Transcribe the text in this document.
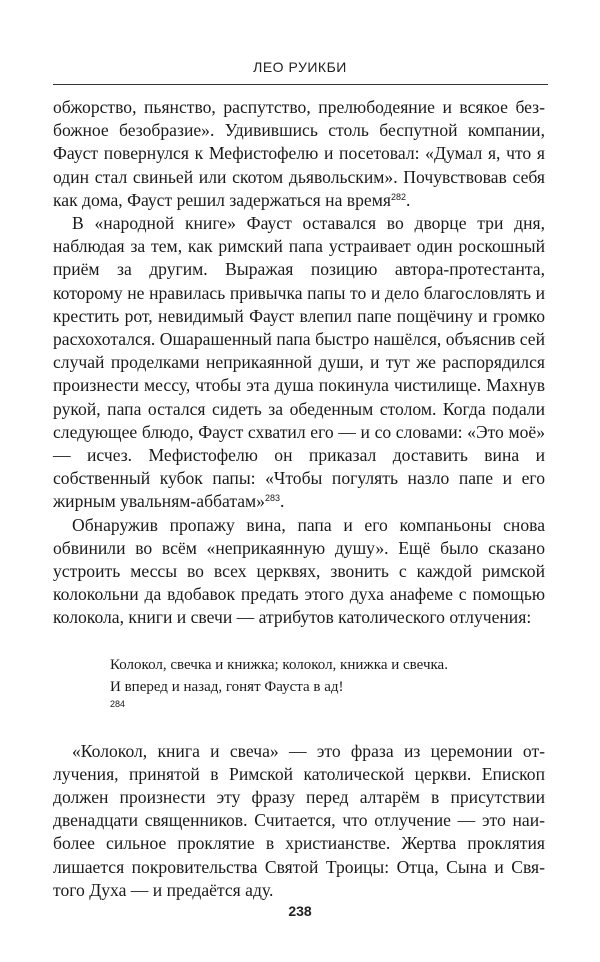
ЛЕО РУИКБИ

обжорство, пьянство, распутство, прелюбодеяние и всякое безбожное безобразие». Удивившись столь беспутной компании, Фауст повернулся к Мефистофелю и посетовал: «Думал я, что я один стал свиньей или скотом дьявольским». Почувствовав себя как дома, Фауст решил задержаться на время$^{282}$.

В «народной книге» Фауст оставался во дворце три дня, наблюдая за тем, как римский папа устраивает один роскошный приём за другим. Выражая позицию автора-протестанта, которому не нравилась привычка папы то и дело благословлять и крестить рот, невидимый Фауст влепил папе пощёчину и громко расхохотался. Ошарашенный папа быстро нашёлся, объяснив сей случай проделками неприкаянной души, и тут же распорядился произнести мессу, чтобы эта душа покинула чистилище. Махнув рукой, папа остался сидеть за обеденным столом. Когда подали следующее блюдо, Фауст схватил его — и со словами: «Это моё» — исчез. Мефистофелю он приказал доставить вина и собственный кубок папы: «Чтобы погулять назло папе и его жирным увальням-аббатам»$^{283}$.

Обнаружив пропажу вина, папа и его компаньоны снова обвинили во всём «неприкаянную душу». Ещё было сказано устроить мессы во всех церквях, звонить с каждой римской колокольни да вдобавок предать этого духа анафеме с помощью колокола, книги и свечи — атрибутов католического отлучения:

Колокол, свечка и книжка; колокол, книжка и свечка.
И вперед и назад, гонят Фауста в ад!
$^{284}$

«Колокол, книга и свеча» — это фраза из церемонии отлучения, принятой в Римской католической церкви. Епископ должен произнести эту фразу перед алтарём в присутствии двенадцати священников. Считается, что отлучение — это наиболее сильное проклятие в христианстве. Жертва проклятия лишается покровительства Святой Троицы: Отца, Сына и Святого Духа — и предаётся аду.

238
